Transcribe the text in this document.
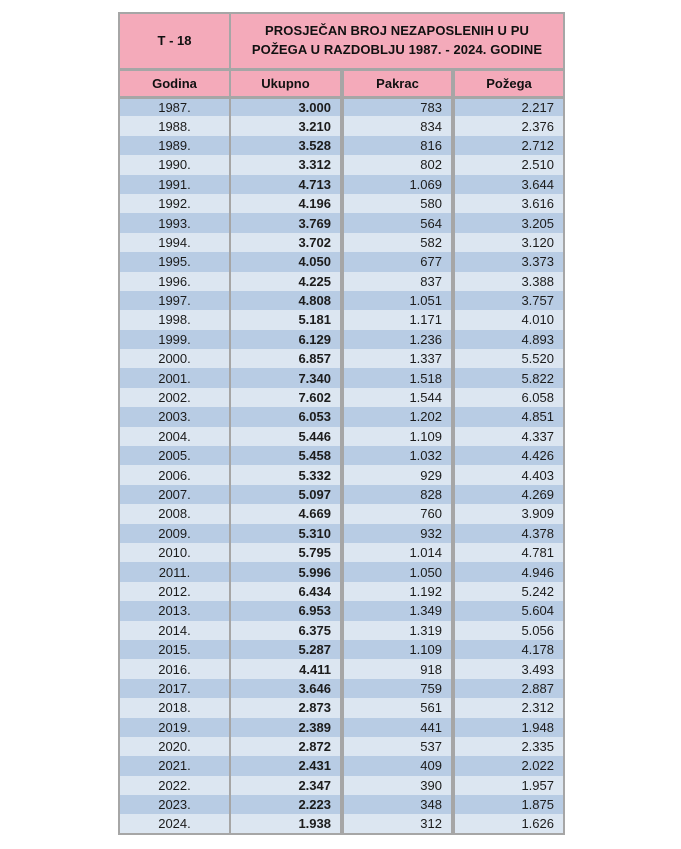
T - 18	PROSJEČAN BROJ NEZAPOSLENIH U PU
POŽEGA U RAZDOBLJU 1987. - 2024. GODINE		

Godina	Ukupno	Pakrac	Požega
1987.	3.000	783	2.217
1988.	3.210	834	2.376
1989.	3.528	816	2.712
1990.	3.312	802	2.510
1991.	4.713	1.069	3.644
1992.	4.196	580	3.616
1993.	3.769	564	3.205
1994.	3.702	582	3.120
1995.	4.050	677	3.373
1996.	4.225	837	3.388
1997.	4.808	1.051	3.757
1998.	5.181	1.171	4.010
1999.	6.129	1.236	4.893
2000.	6.857	1.337	5.520
2001.	7.340	1.518	5.822
2002.	7.602	1.544	6.058
2003.	6.053	1.202	4.851
2004.	5.446	1.109	4.337
2005.	5.458	1.032	4.426
2006.	5.332	929	4.403
2007.	5.097	828	4.269
2008.	4.669	760	3.909
2009.	5.310	932	4.378
2010.	5.795	1.014	4.781
2011.	5.996	1.050	4.946
2012.	6.434	1.192	5.242
2013.	6.953	1.349	5.604
2014.	6.375	1.319	5.056
2015.	5.287	1.109	4.178
2016.	4.411	918	3.493
2017.	3.646	759	2.887
2018.	2.873	561	2.312
2019.	2.389	441	1.948
2020.	2.872	537	2.335
2021.	2.431	409	2.022
2022.	2.347	390	1.957
2023.	2.223	348	1.875
2024.	1.938	312	1.626
